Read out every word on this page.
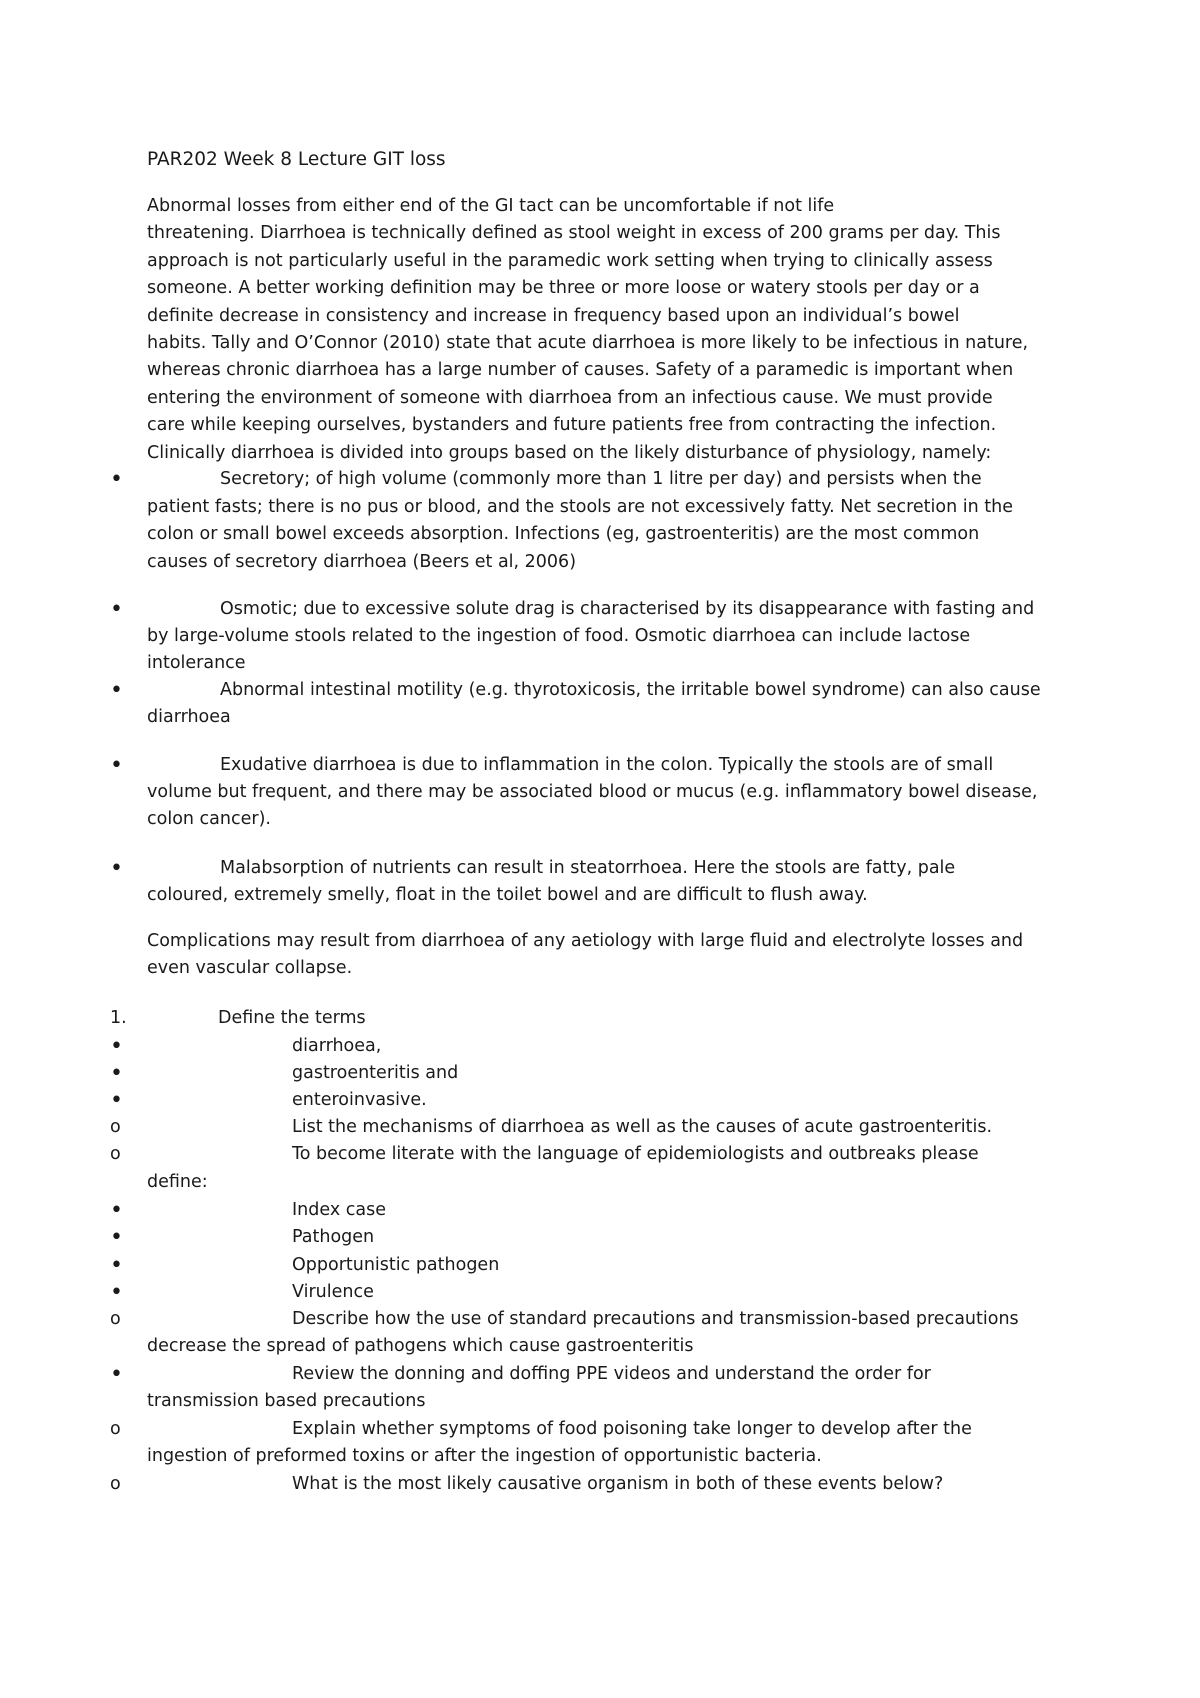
PAR202 Week 8 Lecture GIT loss
Abnormal losses from either end of the GI tact can be uncomfortable if not life
threatening. Diarrhoea is technically defined as stool weight in excess of 200 grams per day. This
approach is not particularly useful in the paramedic work setting when trying to clinically assess
someone. A better working definition may be three or more loose or watery stools per day or a
definite decrease in consistency and increase in frequency based upon an individual’s bowel
habits. Tally and O’Connor (2010) state that acute diarrhoea is more likely to be infectious in nature,
whereas chronic diarrhoea has a large number of causes. Safety of a paramedic is important when
entering the environment of someone with diarrhoea from an infectious cause. We must provide
care while keeping ourselves, bystanders and future patients free from contracting the infection.
Clinically diarrhoea is divided into groups based on the likely disturbance of physiology, namely:
•	Secretory; of high volume (commonly more than 1 litre per day) and persists when the
patient fasts; there is no pus or blood, and the stools are not excessively fatty. Net secretion in the
colon or small bowel exceeds absorption. Infections (eg, gastroenteritis) are the most common
causes of secretory diarrhoea (Beers et al, 2006)
•	Osmotic; due to excessive solute drag is characterised by its disappearance with fasting and
by large-volume stools related to the ingestion of food. Osmotic diarrhoea can include lactose
intolerance
•	Abnormal intestinal motility (e.g. thyrotoxicosis, the irritable bowel syndrome) can also cause
diarrhoea
•	Exudative diarrhoea is due to inflammation in the colon. Typically the stools are of small
volume but frequent, and there may be associated blood or mucus (e.g. inflammatory bowel disease,
colon cancer).
•	Malabsorption of nutrients can result in steatorrhoea. Here the stools are fatty, pale
coloured, extremely smelly, float in the toilet bowel and are difficult to flush away.
Complications may result from diarrhoea of any aetiology with large fluid and electrolyte losses and
even vascular collapse.
1.	Define the terms
•	diarrhoea,
•	gastroenteritis and
•	enteroinvasive.
o	List the mechanisms of diarrhoea as well as the causes of acute gastroenteritis.
o	To become literate with the language of epidemiologists and outbreaks please
define:
•	Index case
•	Pathogen
•	Opportunistic pathogen
•	Virulence
o	Describe how the use of standard precautions and transmission-based precautions
decrease the spread of pathogens which cause gastroenteritis
•	Review the donning and doffing PPE videos and understand the order for
transmission based precautions
o	Explain whether symptoms of food poisoning take longer to develop after the
ingestion of preformed toxins or after the ingestion of opportunistic bacteria.
o	What is the most likely causative organism in both of these events below?
